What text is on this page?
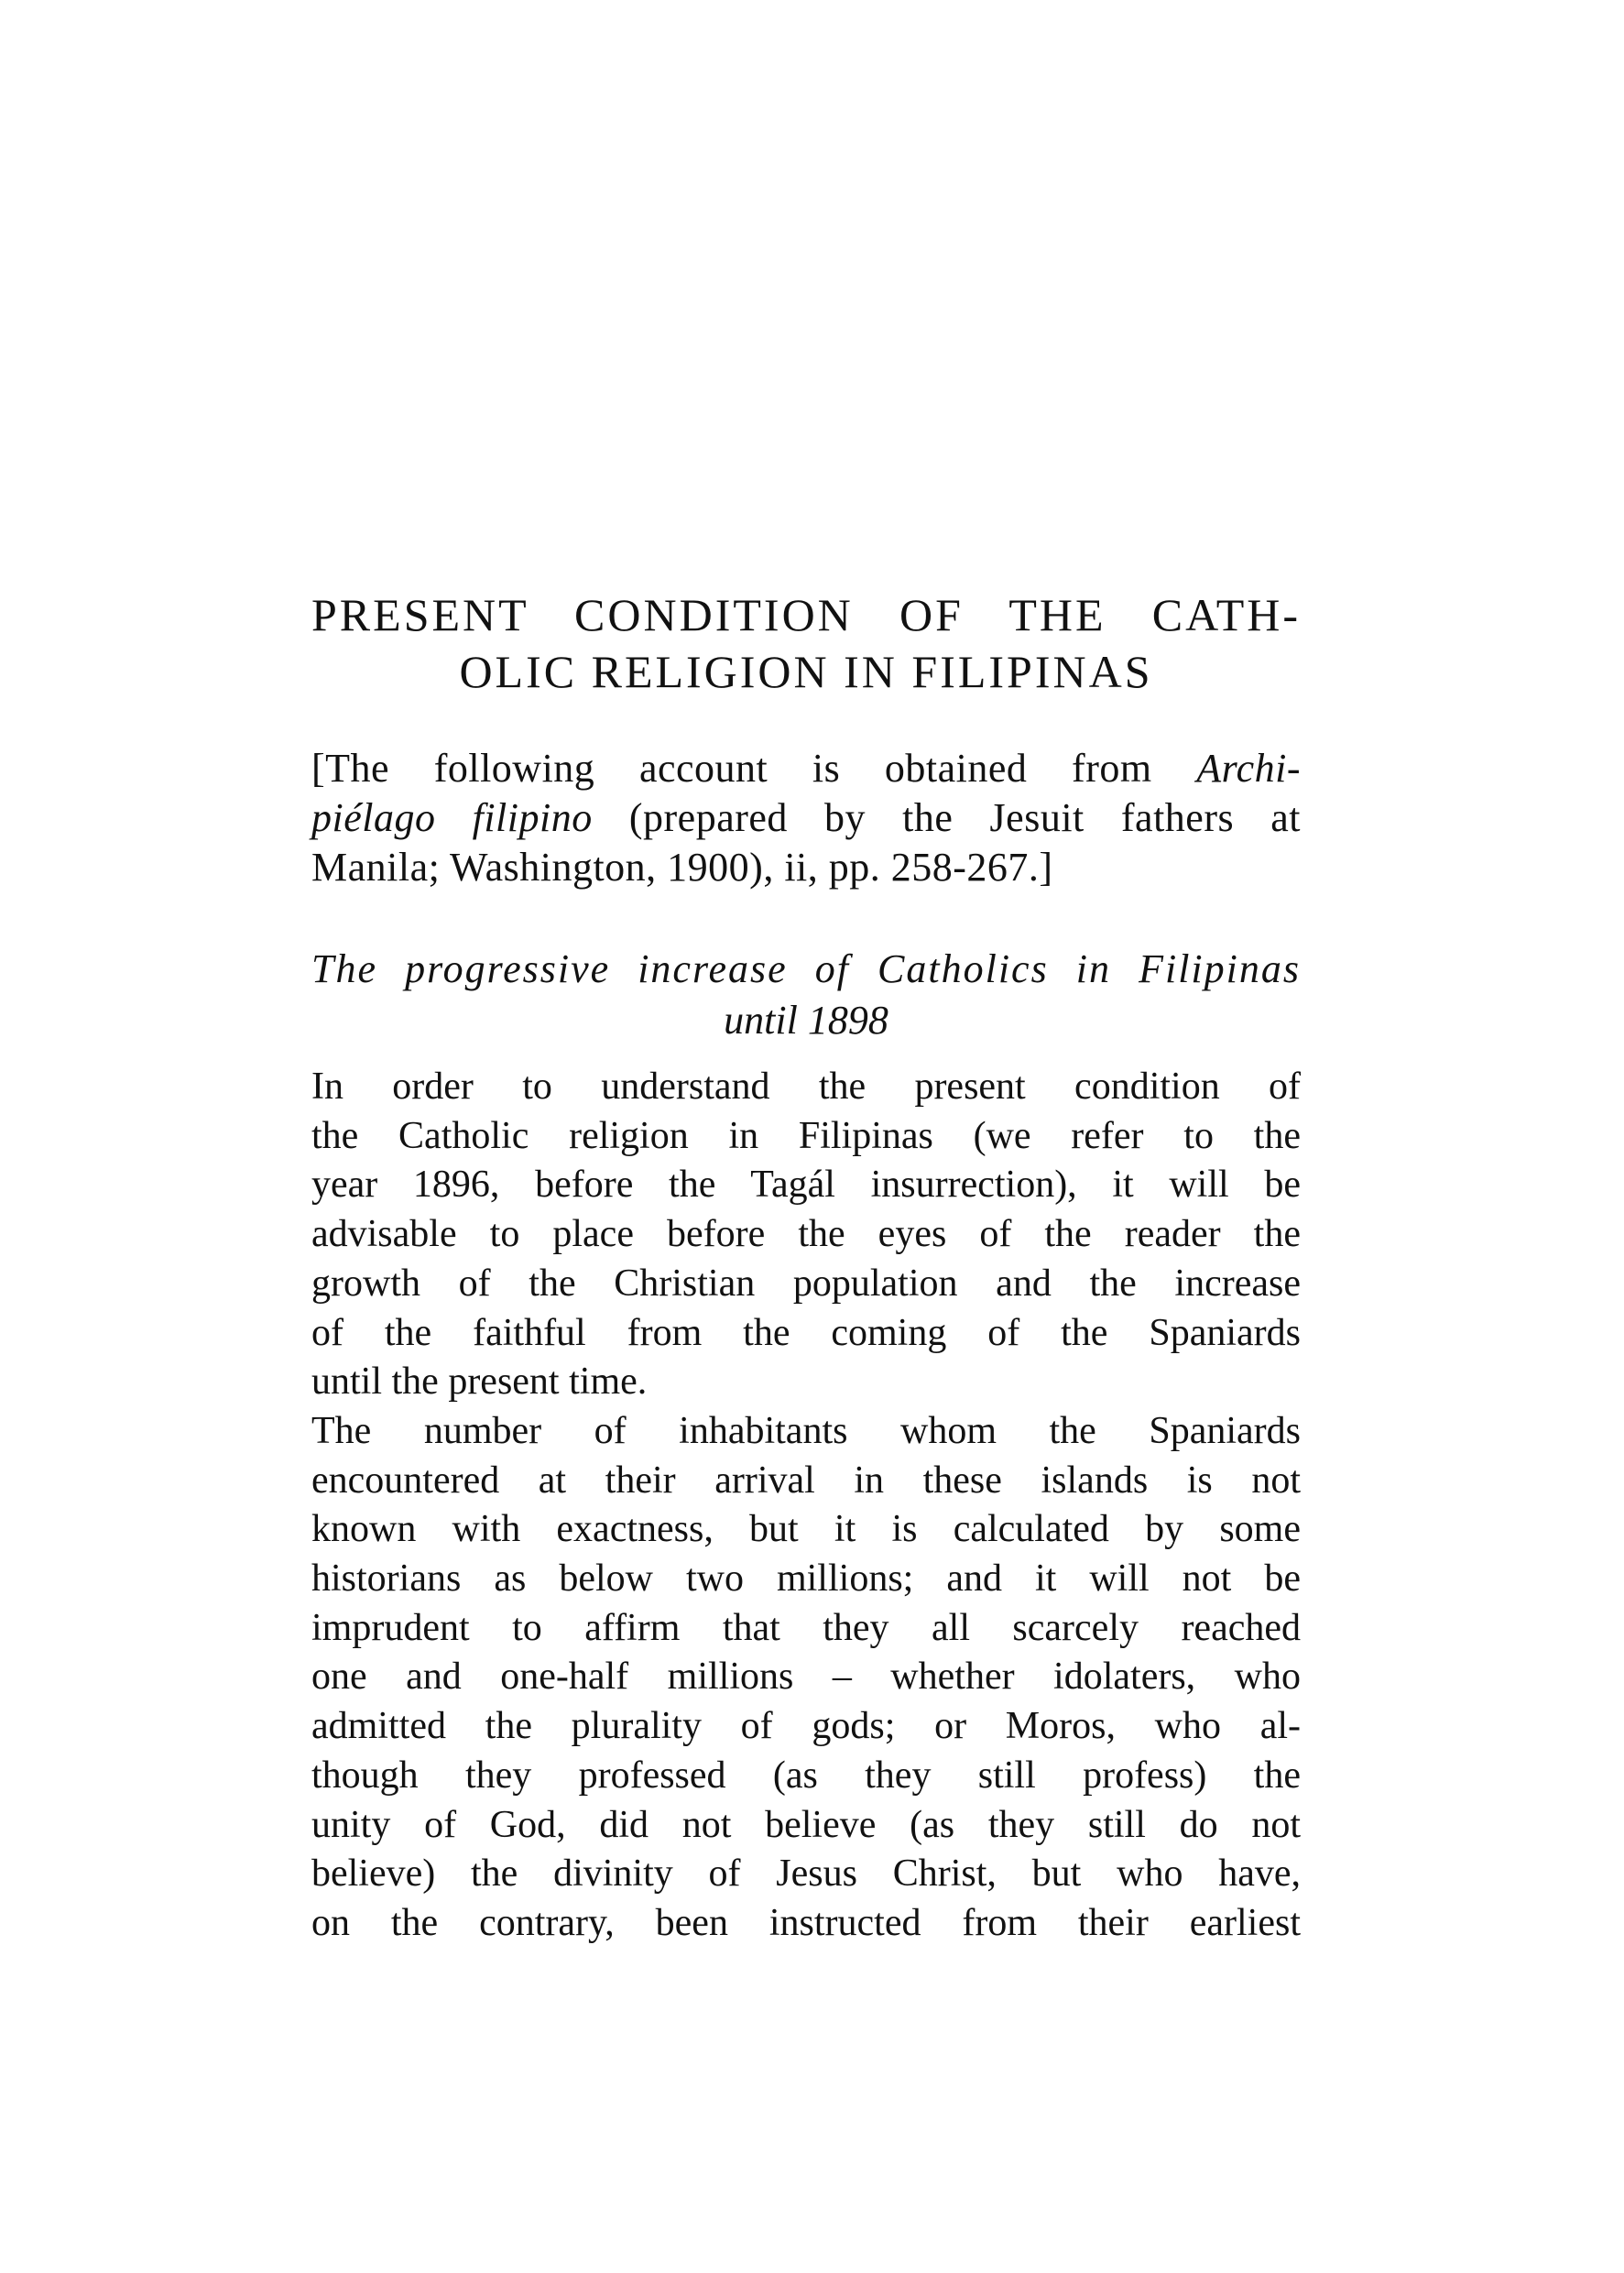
PRESENT CONDITION OF THE CATH-
OLIC RELIGION IN FILIPINAS
[The following account is obtained from Archi-
piélago filipino (prepared by the Jesuit fathers at
Manila; Washington, 1900), ii, pp. 258-267.]
The progressive increase of Catholics in Filipinas
until 1898
In order to understand the present condition of
the Catholic religion in Filipinas (we refer to the
year 1896, before the Tagál insurrection), it will be
advisable to place before the eyes of the reader the
growth of the Christian population and the increase
of the faithful from the coming of the Spaniards
until the present time.
The number of inhabitants whom the Spaniards
encountered at their arrival in these islands is not
known with exactness, but it is calculated by some
historians as below two millions; and it will not be
imprudent to affirm that they all scarcely reached
one and one-half millions – whether idolaters, who
admitted the plurality of gods; or Moros, who al-
though they professed (as they still profess) the
unity of God, did not believe (as they still do not
believe) the divinity of Jesus Christ, but who have,
on the contrary, been instructed from their earliest
